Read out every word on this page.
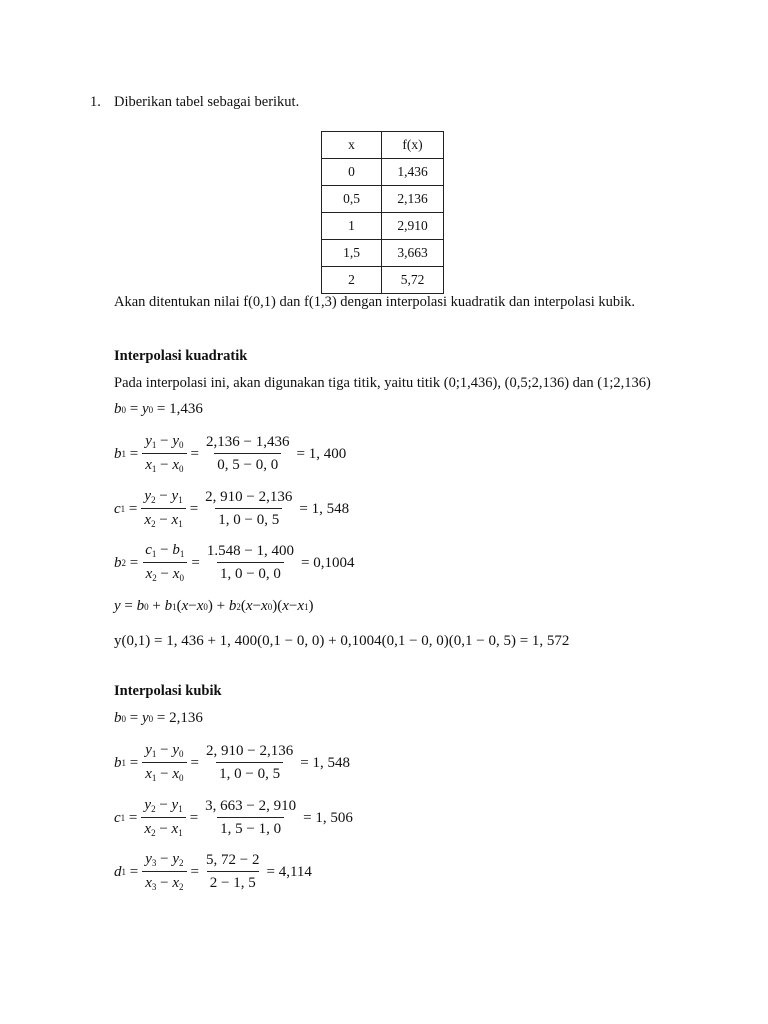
1. Diberikan tabel sebagai berikut.
x	f(x)
0	1,436
0,5	2,136
1	2,910
1,5	3,663
2	5,72
Akan ditentukan nilai f(0,1) dan f(1,3) dengan interpolasi kuadratik dan interpolasi kubik.
Interpolasi kuadratik
Pada interpolasi ini, akan digunakan tiga titik, yaitu titik (0;1,436), (0,5;2,136) dan (1;2,136)
b 0 = y 0 = 1,436
b $1 = \frac{y_1 - y_0}{x_1 - x_0} = \frac{2,136 - 1,436}{0, 5 - 0, 0} = 1$, 400
c $1 = \frac{y_2 - y_1}{x_2 - x_1} = \frac{2, 910 - 2,136}{1, 0 - 0, 5} = 1$, 548
b $2 = \frac{c_1 - b_1}{x_2 - x_0} = \frac{1.548 - 1, 400}{1, 0 - 0, 0} = 0,1004$
y = b 0 + b 1 ( x − x 0 ) + b 2 ( x − x 0 )( x − x 1 )
y(0,1) = 1, 436 + 1, 400(0,1 − 0, 0) + 0,1004(0,1 − 0, 0)(0,1 − 0, 5) = 1, 572
Interpolasi kubik
b 0 = y 0 = 2,136
b $1 = \frac{y_1 - y_0}{x_1 - x_0} = \frac{2, 910 - 2,136}{1, 0 - 0, 5} = 1$, 548
c $1 = \frac{y_2 - y_1}{x_2 - x_1} = \frac{3, 663 - 2, 910}{1, 5 - 1, 0} = 1$, 506
d $1 = \frac{y_3 - y_2}{x_3 - x_2} = \frac{5, 72 - 2}{2 - 1, 5} = 4,114$
